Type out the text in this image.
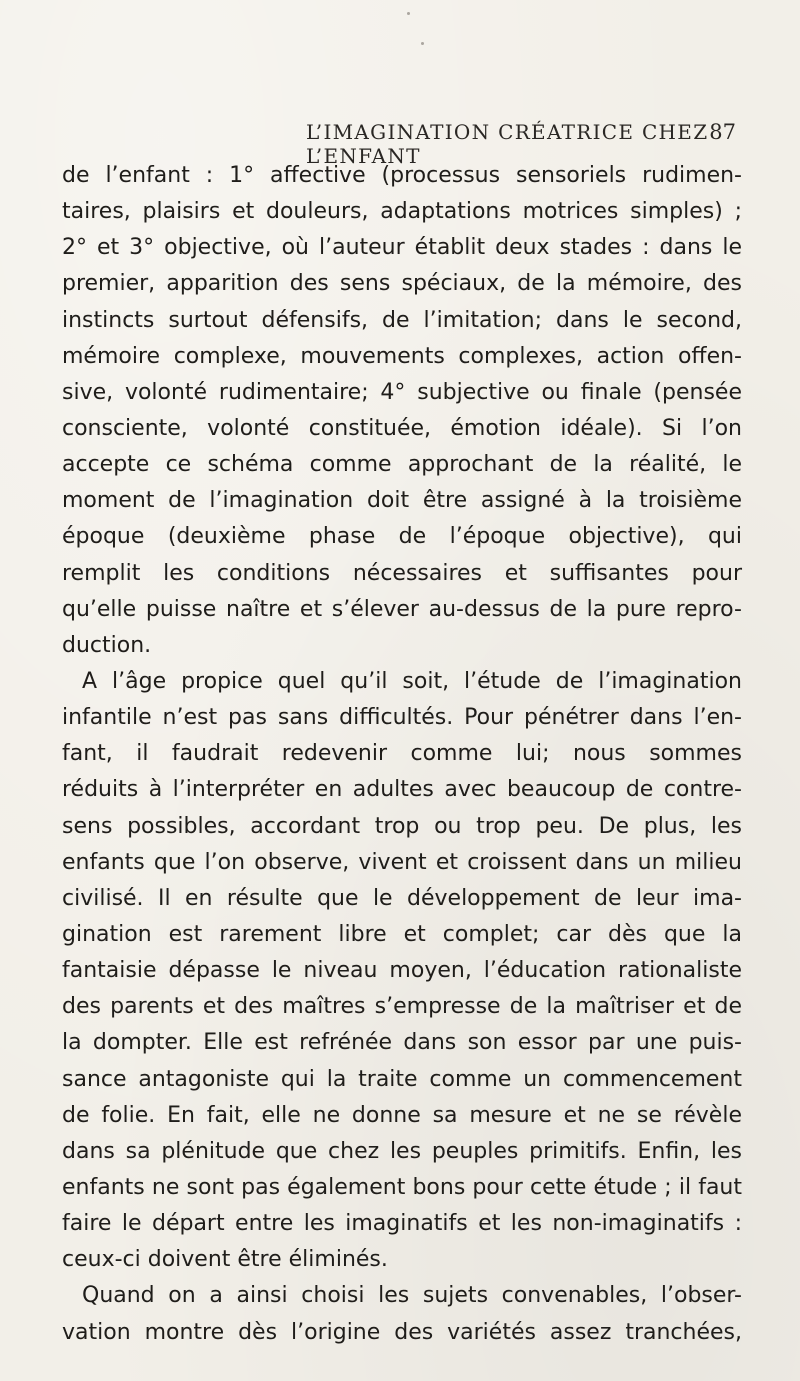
L’IMAGINATION CRÉATRICE CHEZ L’ENFANT
87
de l’enfant : 1° affective (processus sensoriels rudimen-
taires, plaisirs et douleurs, adaptations motrices simples) ;
2° et 3° objective, où l’auteur établit deux stades : dans le
premier, apparition des sens spéciaux, de la mémoire, des
instincts surtout défensifs, de l’imitation; dans le second,
mémoire complexe, mouvements complexes, action offen-
sive, volonté rudimentaire; 4° subjective ou finale (pensée
consciente, volonté constituée, émotion idéale). Si l’on
accepte ce schéma comme approchant de la réalité, le
moment de l’imagination doit être assigné à la troisième
époque (deuxième phase de l’époque objective), qui
remplit les conditions nécessaires et suffisantes pour
qu’elle puisse naître et s’élever au-dessus de la pure repro-
duction.
A l’âge propice quel qu’il soit, l’étude de l’imagination
infantile n’est pas sans difficultés. Pour pénétrer dans l’en-
fant, il faudrait redevenir comme lui; nous sommes
réduits à l’interpréter en adultes avec beaucoup de contre-
sens possibles, accordant trop ou trop peu. De plus, les
enfants que l’on observe, vivent et croissent dans un milieu
civilisé. Il en résulte que le développement de leur ima-
gination est rarement libre et complet; car dès que la
fantaisie dépasse le niveau moyen, l’éducation rationaliste
des parents et des maîtres s’empresse de la maîtriser et de
la dompter. Elle est refrénée dans son essor par une puis-
sance antagoniste qui la traite comme un commencement
de folie. En fait, elle ne donne sa mesure et ne se révèle
dans sa plénitude que chez les peuples primitifs. Enfin, les
enfants ne sont pas également bons pour cette étude ; il faut
faire le départ entre les imaginatifs et les non-imaginatifs :
ceux-ci doivent être éliminés.
Quand on a ainsi choisi les sujets convenables, l’obser-
vation montre dès l’origine des variétés assez tranchées,
